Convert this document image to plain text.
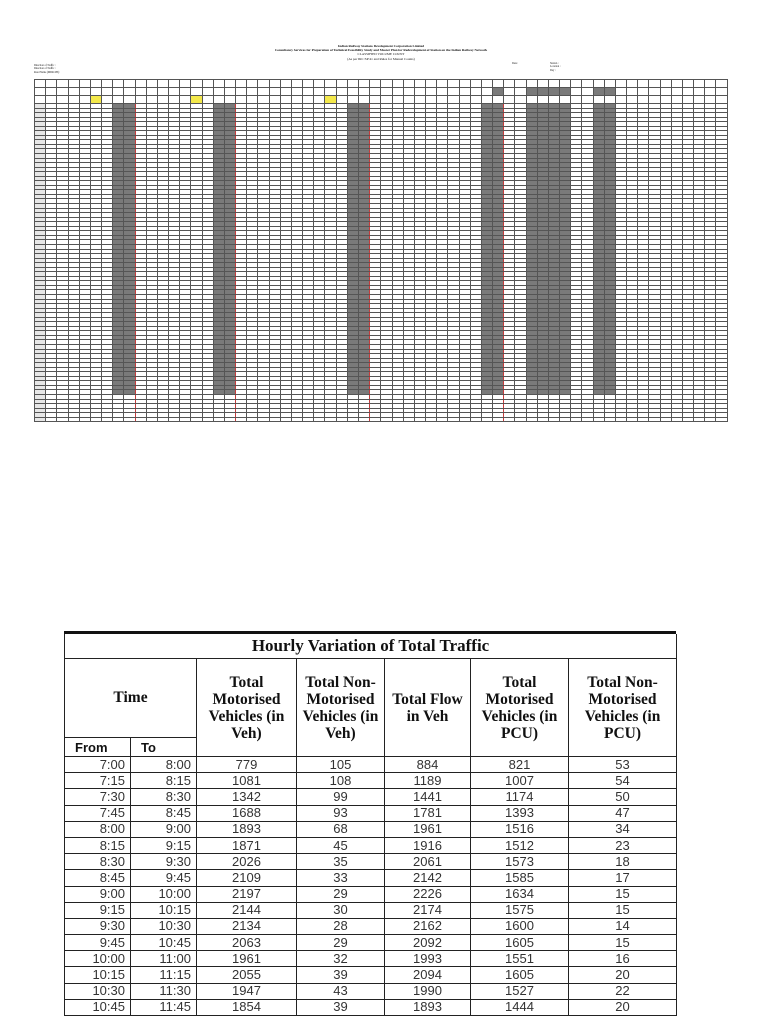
Indian Railway Stations Development Corporation Limited
Consultancy Services for Preparation of Technical Feasibility Study and Master Plan for Redevelopment of Station on the Indian Railway Network
CLASSIFIED VOLUME COUNT
(As per IRC:SP:41 and Rules for Manual Counts)
Direction of Traffic :
Direction of Traffic :
Road Name (MDR-SH) :
Date :	Station :
Location :
Day :

Hourly Variation of Total Traffic						
Time		Total Motorised Vehicles (in Veh)	Total Non-Motorised Vehicles (in Veh)	Total Flow in Veh	Total Motorised Vehicles (in PCU)	Total Non-Motorised Vehicles (in PCU)
From	To					
7:00	8:00	779	105	884	821	53
7:15	8:15	1081	108	1189	1007	54
7:30	8:30	1342	99	1441	1174	50
7:45	8:45	1688	93	1781	1393	47
8:00	9:00	1893	68	1961	1516	34
8:15	9:15	1871	45	1916	1512	23
8:30	9:30	2026	35	2061	1573	18
8:45	9:45	2109	33	2142	1585	17
9:00	10:00	2197	29	2226	1634	15
9:15	10:15	2144	30	2174	1575	15
9:30	10:30	2134	28	2162	1600	14
9:45	10:45	2063	29	2092	1605	15
10:00	11:00	1961	32	1993	1551	16
10:15	11:15	2055	39	2094	1605	20
10:30	11:30	1947	43	1990	1527	22
10:45	11:45	1854	39	1893	1444	20
